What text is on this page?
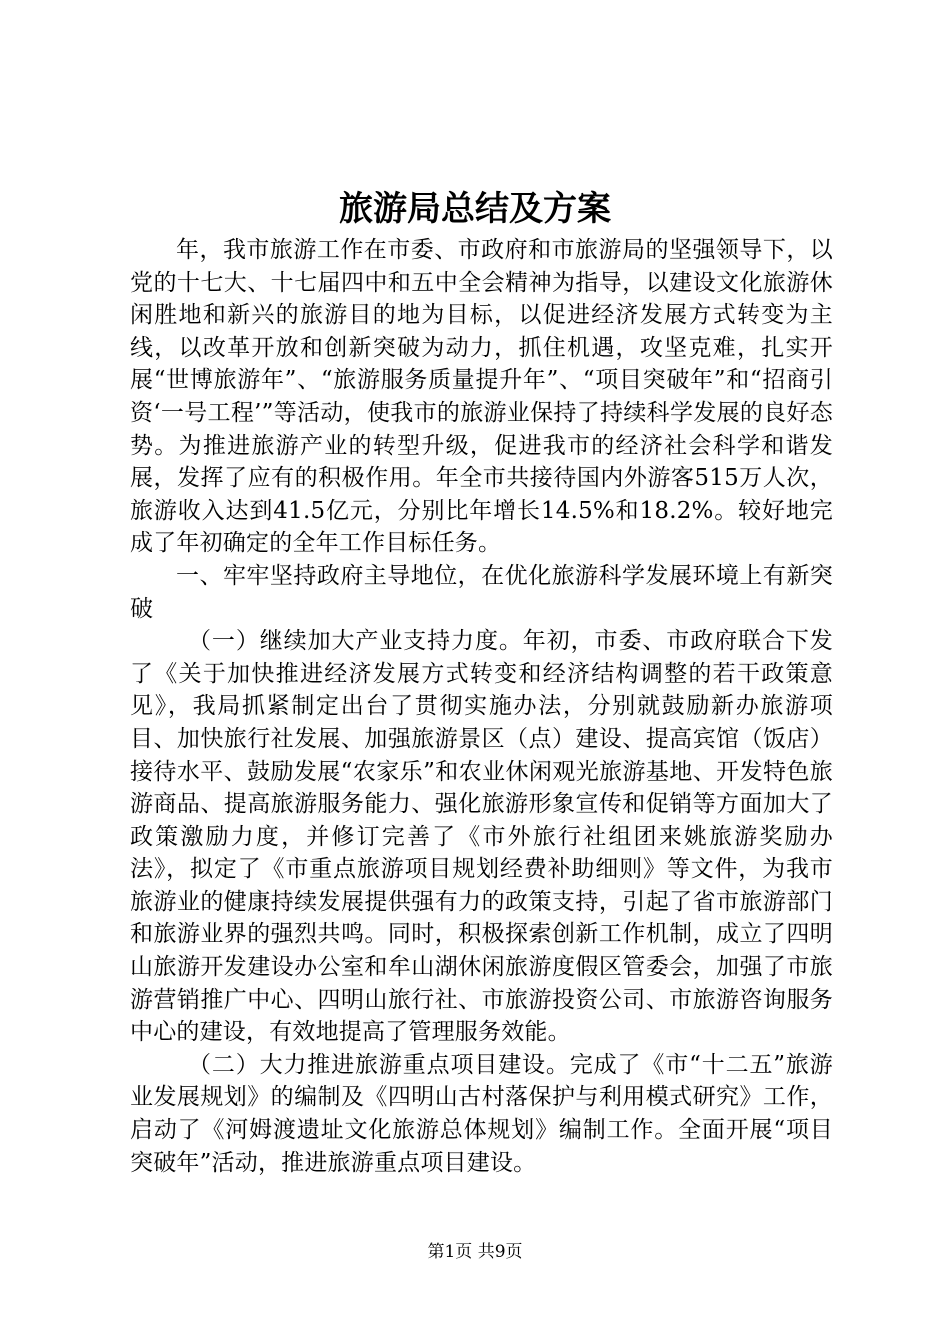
旅游局总结及方案

年，我市旅游工作在市委、市政府和市旅游局的坚强领导下，以党的十七大、十七届四中和五中全会精神为指导，以建设文化旅游休闲胜地和新兴的旅游目的地为目标，以促进经济发展方式转变为主线，以改革开放和创新突破为动力，抓住机遇，攻坚克难，扎实开展“世博旅游年”、“旅游服务质量提升年”、“项目突破年”和“招商引资‘一号工程’”等活动，使我市的旅游业保持了持续科学发展的良好态势。为推进旅游产业的转型升级，促进我市的经济社会科学和谐发展，发挥了应有的积极作用。年全市共接待国内外游客515万人次，旅游收入达到41.5亿元，分别比年增长14.5%和18.2%。较好地完成了年初确定的全年工作目标任务。

一、牢牢坚持政府主导地位，在优化旅游科学发展环境上有新突破

（一）继续加大产业支持力度。年初，市委、市政府联合下发了《关于加快推进经济发展方式转变和经济结构调整的若干政策意见》，我局抓紧制定出台了贯彻实施办法，分别就鼓励新办旅游项目、加快旅行社发展、加强旅游景区（点）建设、提高宾馆（饭店）接待水平、鼓励发展“农家乐”和农业休闲观光旅游基地、开发特色旅游商品、提高旅游服务能力、强化旅游形象宣传和促销等方面加大了政策激励力度，并修订完善了《市外旅行社组团来姚旅游奖励办法》，拟定了《市重点旅游项目规划经费补助细则》等文件，为我市旅游业的健康持续发展提供强有力的政策支持，引起了省市旅游部门和旅游业界的强烈共鸣。同时，积极探索创新工作机制，成立了四明山旅游开发建设办公室和牟山湖休闲旅游度假区管委会，加强了市旅游营销推广中心、四明山旅行社、市旅游投资公司、市旅游咨询服务中心的建设，有效地提高了管理服务效能。

（二）大力推进旅游重点项目建设。完成了《市“十二五”旅游业发展规划》的编制及《四明山古村落保护与利用模式研究》工作，启动了《河姆渡遗址文化旅游总体规划》编制工作。全面开展“项目突破年”活动，推进旅游重点项目建设。

第1页 共9页
